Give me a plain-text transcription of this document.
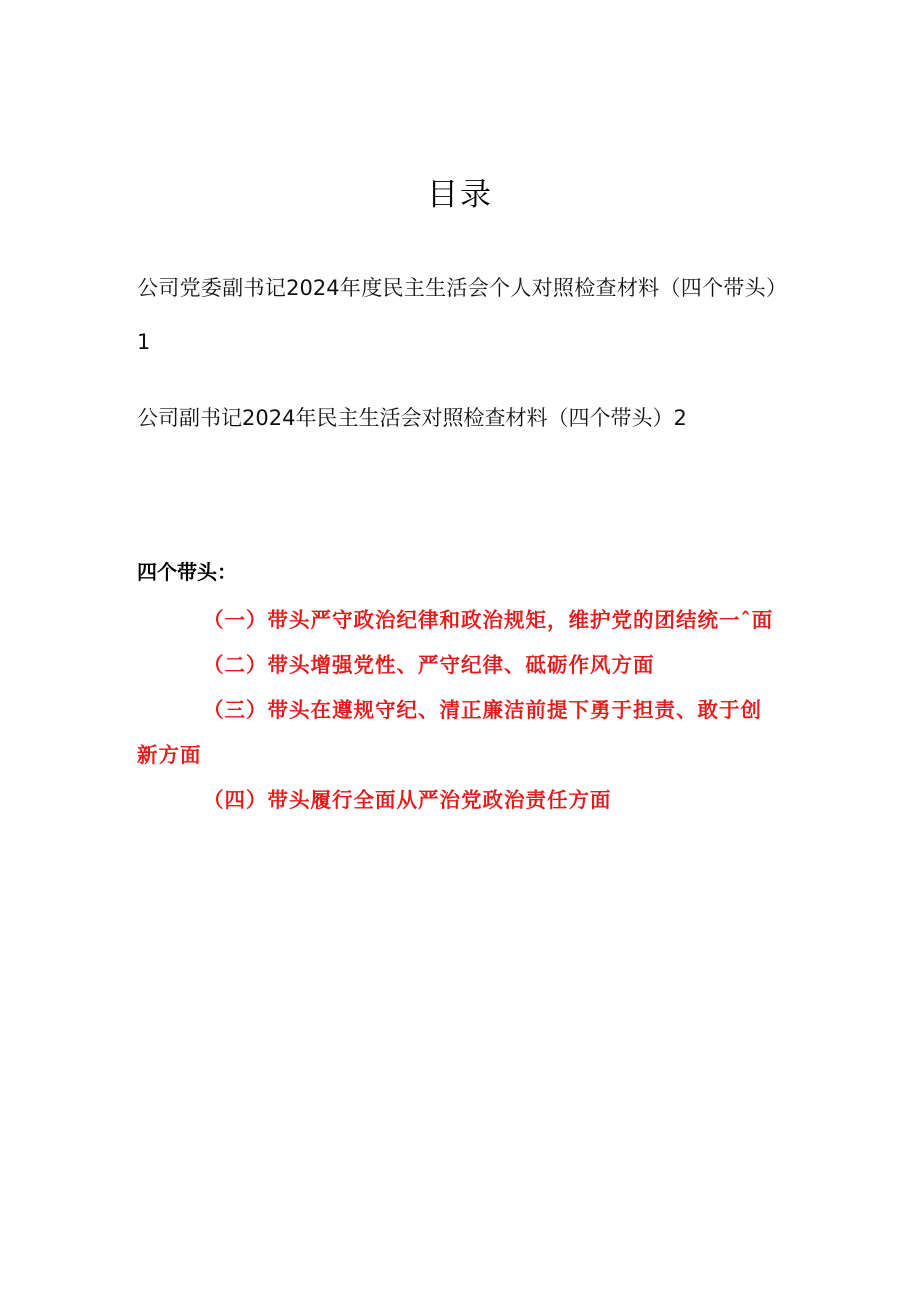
目录
公司党委副书记2024年度民主生活会个人对照检查材料（四个带头）1
公司副书记2024年民主生活会对照检查材料（四个带头）2
四个带头：

（一）带头严守政治纪律和政治规矩，维护党的团结统一ˆ面

（二）带头增强党性、严守纪律、砥砺作风方面

（三）带头在遵规守纪、清正廉洁前提下勇于担责、敢于创新方面

（四）带头履行全面从严治党政治责任方面
